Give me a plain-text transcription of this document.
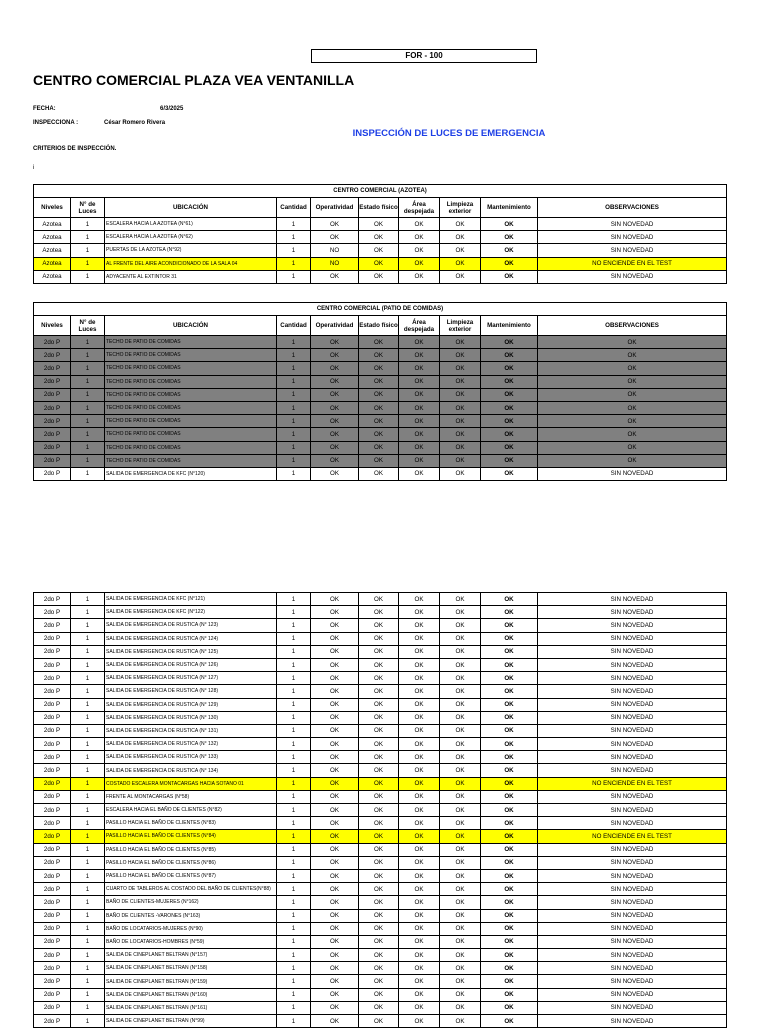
FOR - 100
CENTRO COMERCIAL PLAZA VEA VENTANILLA
FECHA:	6/3/2025
INSPECCIONA :	César Romero Rivera
INSPECCIÓN DE LUCES DE EMERGENCIA
CRITERIOS DE INSPECCIÓN.
i
CENTRO COMERCIAL (AZOTEA)									
Niveles	N° de Luces	UBICACIÓN	Cantidad	Operatividad	Estado físico	Área despejada	Limpieza exterior	Mantenimiento	OBSERVACIONES
Azotea	1	ESCALERA HACIA LA AZOTEA (N°61)	1	OK	OK	OK	OK	OK	SIN NOVEDAD
Azotea	1	ESCALERA HACIA LA AZOTEA (N°62)	1	OK	OK	OK	OK	OK	SIN NOVEDAD
Azotea	1	PUERTAS DE LA AZOTEA (N°92)	1	NO	OK	OK	OK	OK	SIN NOVEDAD
Azotea	1	AL FRENTE DEL AIRE ACONDICIONADO DE LA SALA 04	1	NO	OK	OK	OK	OK	NO ENCIENDE EN EL TEST
Azotea	1	ADYACENTE AL EXTINTOR 31	1	OK	OK	OK	OK	OK	SIN NOVEDAD
CENTRO COMERCIAL (PATIO DE COMIDAS)									
Niveles	N° de Luces	UBICACIÓN	Cantidad	Operatividad	Estado físico	Área despejada	Limpieza exterior	Mantenimiento	OBSERVACIONES
2do P	1	TECHO DE PATIO DE COMIDAS	1	OK	OK	OK	OK	OK	OK
2do P	1	TECHO DE PATIO DE COMIDAS	1	OK	OK	OK	OK	OK	OK
2do P	1	TECHO DE PATIO DE COMIDAS	1	OK	OK	OK	OK	OK	OK
2do P	1	TECHO DE PATIO DE COMIDAS	1	OK	OK	OK	OK	OK	OK
2do P	1	TECHO DE PATIO DE COMIDAS	1	OK	OK	OK	OK	OK	OK
2do P	1	TECHO DE PATIO DE COMIDAS	1	OK	OK	OK	OK	OK	OK
2do P	1	TECHO DE PATIO DE COMIDAS	1	OK	OK	OK	OK	OK	OK
2do P	1	TECHO DE PATIO DE COMIDAS	1	OK	OK	OK	OK	OK	OK
2do P	1	TECHO DE PATIO DE COMIDAS	1	OK	OK	OK	OK	OK	OK
2do P	1	TECHO DE PATIO DE COMIDAS	1	OK	OK	OK	OK	OK	OK
2do P	1	SALIDA DE EMERGENCIA DE KFC (N°120)	1	OK	OK	OK	OK	OK	SIN NOVEDAD
2do P	1	SALIDA DE EMERGENCIA DE KFC (N°121)	1	OK	OK	OK	OK	OK	SIN NOVEDAD
2do P	1	SALIDA DE EMERGENCIA DE KFC (N°122)	1	OK	OK	OK	OK	OK	SIN NOVEDAD
2do P	1	SALIDA DE EMERGENCIA DE RUSTICA (N° 123)	1	OK	OK	OK	OK	OK	SIN NOVEDAD
2do P	1	SALIDA DE EMERGENCIA DE RUSTICA (N° 124)	1	OK	OK	OK	OK	OK	SIN NOVEDAD
2do P	1	SALIDA DE EMERGENCIA DE RUSTICA (N° 125)	1	OK	OK	OK	OK	OK	SIN NOVEDAD
2do P	1	SALIDA DE EMERGENCIA DE RUSTICA (N° 126)	1	OK	OK	OK	OK	OK	SIN NOVEDAD
2do P	1	SALIDA DE EMERGENCIA DE RUSTICA (N° 127)	1	OK	OK	OK	OK	OK	SIN NOVEDAD
2do P	1	SALIDA DE EMERGENCIA DE RUSTICA (N° 128)	1	OK	OK	OK	OK	OK	SIN NOVEDAD
2do P	1	SALIDA DE EMERGENCIA DE RUSTICA (N° 129)	1	OK	OK	OK	OK	OK	SIN NOVEDAD
2do P	1	SALIDA DE EMERGENCIA DE RUSTICA (N° 130)	1	OK	OK	OK	OK	OK	SIN NOVEDAD
2do P	1	SALIDA DE EMERGENCIA DE RUSTICA (N° 131)	1	OK	OK	OK	OK	OK	SIN NOVEDAD
2do P	1	SALIDA DE EMERGENCIA DE RUSTICA (N° 132)	1	OK	OK	OK	OK	OK	SIN NOVEDAD
2do P	1	SALIDA DE EMERGENCIA DE RUSTICA (N° 133)	1	OK	OK	OK	OK	OK	SIN NOVEDAD
2do P	1	SALIDA DE EMERGENCIA DE RUSTICA (N° 134)	1	OK	OK	OK	OK	OK	SIN NOVEDAD
2do P	1	COSTADO ESCALERA MONTACARGAS HACIA SOTANO 01	1	OK	OK	OK	OK	OK	NO ENCIENDE EN EL TEST
2do P	1	FRENTE AL MONTACARGAS (N°58)	1	OK	OK	OK	OK	OK	SIN NOVEDAD
2do P	1	ESCALERA HACIA EL BAÑO DE CLIENTES (N°82)	1	OK	OK	OK	OK	OK	SIN NOVEDAD
2do P	1	PASILLO HACIA EL BAÑO DE CLIENTES (N°83)	1	OK	OK	OK	OK	OK	SIN NOVEDAD
2do P	1	PASILLO HACIA EL BAÑO DE CLIENTES (N°84)	1	OK	OK	OK	OK	OK	NO ENCIENDE EN EL TEST
2do P	1	PASILLO HACIA EL BAÑO DE CLIENTES (N°85)	1	OK	OK	OK	OK	OK	SIN NOVEDAD
2do P	1	PASILLO HACIA EL BAÑO DE CLIENTES (N°86)	1	OK	OK	OK	OK	OK	SIN NOVEDAD
2do P	1	PASILLO HACIA EL BAÑO DE CLIENTES (N°87)	1	OK	OK	OK	OK	OK	SIN NOVEDAD
2do P	1	CUARTO DE TABLEROS AL COSTADO DEL BAÑO DE CLIENTES(N°88)	1	OK	OK	OK	OK	OK	SIN NOVEDAD
2do P	1	BAÑO DE CLIENTES-MUJERES (N°162)	1	OK	OK	OK	OK	OK	SIN NOVEDAD
2do P	1	BAÑO DE CLIENTES -VARONES (N°163)	1	OK	OK	OK	OK	OK	SIN NOVEDAD
2do P	1	BAÑO DE LOCATARIOS-MUJERES (N°90)	1	OK	OK	OK	OK	OK	SIN NOVEDAD
2do P	1	BAÑO DE LOCATARIOS-HOMBRES (N°59)	1	OK	OK	OK	OK	OK	SIN NOVEDAD
2do P	1	SALIDA DE CINEPLANET BELTRAN (N°157)	1	OK	OK	OK	OK	OK	SIN NOVEDAD
2do P	1	SALIDA DE CINEPLANET BELTRAN (N°158)	1	OK	OK	OK	OK	OK	SIN NOVEDAD
2do P	1	SALIDA DE CINEPLANET BELTRAN (N°159)	1	OK	OK	OK	OK	OK	SIN NOVEDAD
2do P	1	SALIDA DE CINEPLANET BELTRAN (N°160)	1	OK	OK	OK	OK	OK	SIN NOVEDAD
2do P	1	SALIDA DE CINEPLANET BELTRAN (N°161)	1	OK	OK	OK	OK	OK	SIN NOVEDAD
2do P	1	SALIDA DE CINEPLANET BELTRAN (N°99)	1	OK	OK	OK	OK	OK	SIN NOVEDAD
